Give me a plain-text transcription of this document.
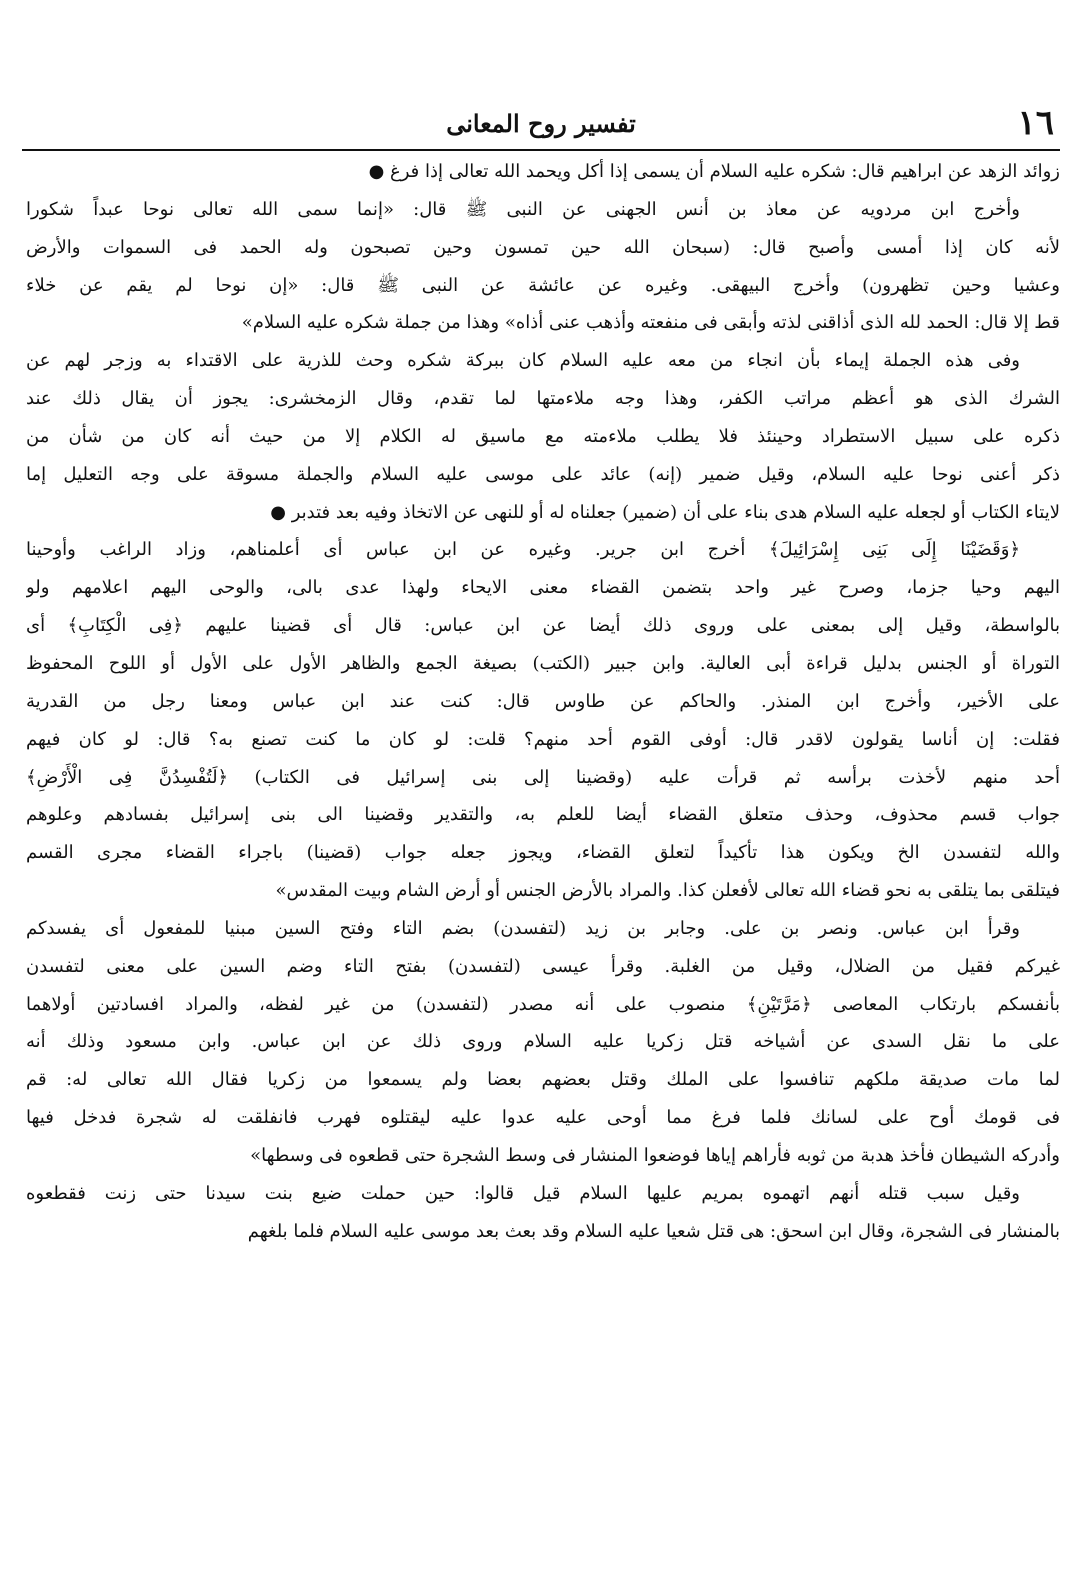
١٦
تفسير روح المعانى
زوائد الزهد عن ابراهيم قال: شكره عليه السلام أن يسمى إذا أكل ويحمد الله تعالى إذا فرغ ●
وأخرج ابن مردويه عن معاذ بن أنس الجهنى عن النبى ﷺ قال: «إنما سمى الله تعالى نوحا عبداً شكورا
لأنه كان إذا أمسى وأصبح قال: (سبحان الله حين تمسون وحين تصبحون وله الحمد فى السموات والأرض
وعشيا وحين تظهرون) وأخرج البيهقى. وغيره عن عائشة عن النبى ﷺ قال: «إن نوحا لم يقم عن خلاء
قط إلا قال: الحمد لله الذى أذاقنى لذته وأبقى فى منفعته وأذهب عنى أذاه» وهذا من جملة شكره عليه السلام»
وفى هذه الجملة إيماء بأن انجاء من معه عليه السلام كان ببركة شكره وحث للذرية على الاقتداء به وزجر لهم عن
الشرك الذى هو أعظم مراتب الكفر، وهذا وجه ملاءمتها لما تقدم، وقال الزمخشرى: يجوز أن يقال ذلك عند
ذكره على سبيل الاستطراد وحينئذ فلا يطلب ملاءمته مع ماسيق له الكلام إلا من حيث أنه كان من شأن من
ذكر أعنى نوحا عليه السلام، وقيل ضمير (إنه) عائد على موسى عليه السلام والجملة مسوقة على وجه التعليل إما
لايتاء الكتاب أو لجعله عليه السلام هدى بناء على أن (ضمير) جعلناه له أو للنهى عن الاتخاذ وفيه بعد فتدبر ●
﴿وَقَضَيْنَا إِلَى بَنِى إِسْرَائِيلَ﴾ أخرج ابن جرير. وغيره عن ابن عباس أى أعلمناهم، وزاد الراغب وأوحينا
اليهم وحيا جزما، وصرح غير واحد بتضمن القضاء معنى الايحاء ولهذا عدى بالى، والوحى اليهم اعلامهم ولو
بالواسطة، وقيل إلى بمعنى على وروى ذلك أيضا عن ابن عباس: قال أى قضينا عليهم ﴿فِى الْكِتَابِ﴾ أى
التوراة أو الجنس بدليل قراءة أبى العالية. وابن جبير (الكتب) بصيغة الجمع والظاهر الأول على الأول أو اللوح المحفوظ
على الأخير، وأخرج ابن المنذر. والحاكم عن طاوس قال: كنت عند ابن عباس ومعنا رجل من القدرية
فقلت: إن أناسا يقولون لاقدر قال: أوفى القوم أحد منهم؟ قلت: لو كان ما كنت تصنع به؟ قال: لو كان فيهم
أحد منهم لأخذت برأسه ثم قرأت عليه (وقضينا إلى بنى إسرائيل فى الكتاب) ﴿لَتُفْسِدُنَّ فِى الْأَرْضِ﴾
جواب قسم محذوف، وحذف متعلق القضاء أيضا للعلم به، والتقدير وقضينا الى بنى إسرائيل بفسادهم وعلوهم
والله لتفسدن الخ ويكون هذا تأكيداً لتعلق القضاء، ويجوز جعله جواب (قضينا) باجراء القضاء مجرى القسم
فيتلقى بما يتلقى به نحو قضاء الله تعالى لأفعلن كذا. والمراد بالأرض الجنس أو أرض الشام وبيت المقدس»
وقرأ ابن عباس. ونصر بن على. وجابر بن زيد (لتفسدن) بضم التاء وفتح السين مبنيا للمفعول أى يفسدكم
غيركم فقيل من الضلال، وقيل من الغلبة. وقرأ عيسى (لتفسدن) بفتح التاء وضم السين على معنى لتفسدن
بأنفسكم بارتكاب المعاصى ﴿مَرَّتَيْنِ﴾ منصوب على أنه مصدر (لتفسدن) من غير لفظه، والمراد افسادتين أولاهما
على ما نقل السدى عن أشياخه قتل زكريا عليه السلام وروى ذلك عن ابن عباس. وابن مسعود وذلك أنه
لما مات صديقة ملكهم تنافسوا على الملك وقتل بعضهم بعضا ولم يسمعوا من زكريا فقال الله تعالى له: قم
فى قومك أوح على لسانك فلما فرغ مما أوحى عليه عدوا عليه ليقتلوه فهرب فانفلقت له شجرة فدخل فيها
وأدركه الشيطان فأخذ هدبة من ثوبه فأراهم إياها فوضعوا المنشار فى وسط الشجرة حتى قطعوه فى وسطها»
وقيل سبب قتله أنهم اتهموه بمريم عليها السلام قيل قالوا: حين حملت ضيع بنت سيدنا حتى زنت فقطعوه
بالمنشار فى الشجرة، وقال ابن اسحق: هى قتل شعيا عليه السلام وقد بعث بعد موسى عليه السلام فلما بلغهم
